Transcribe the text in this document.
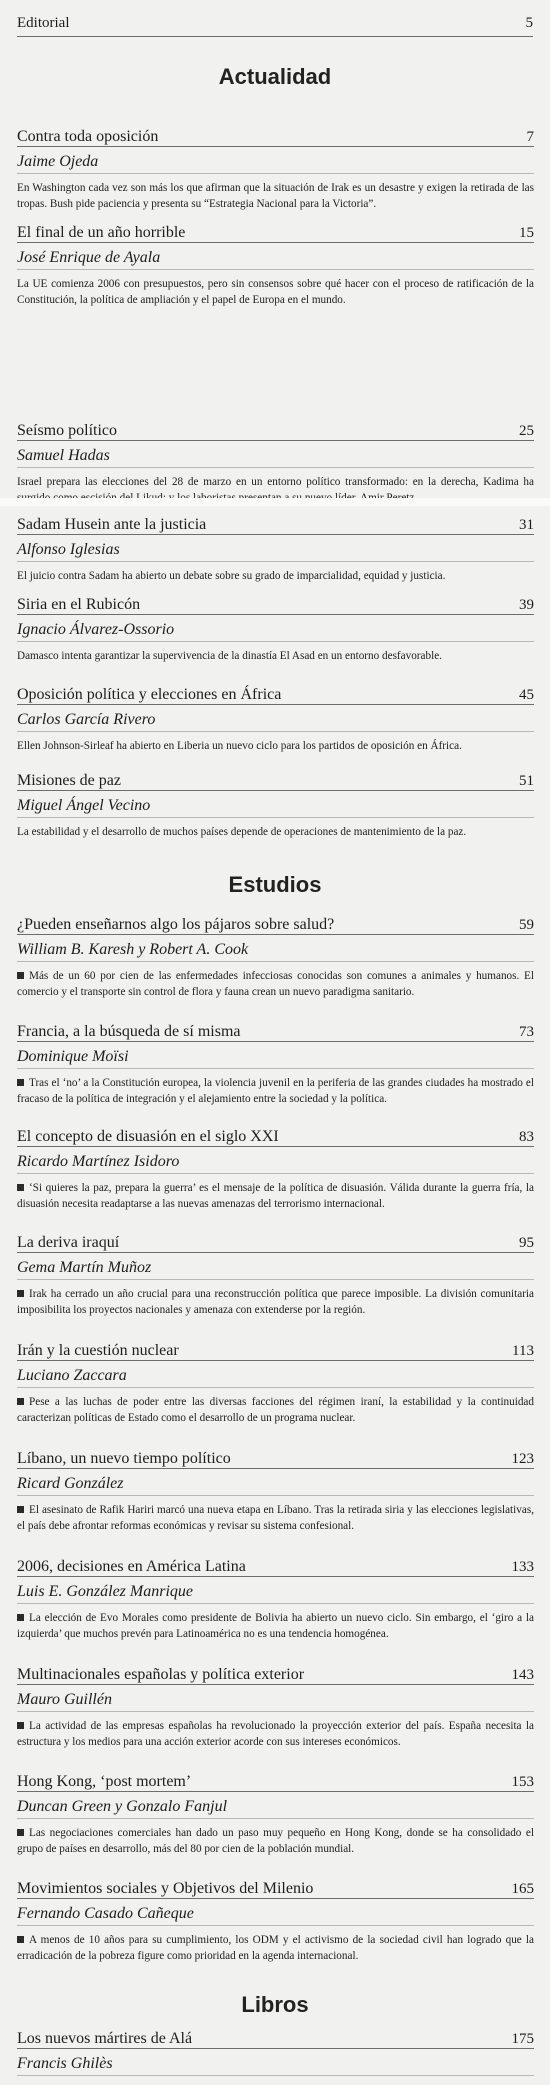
Editorial	5
Actualidad
Contra toda oposición	7
Jaime Ojeda
En Washington cada vez son más los que afirman que la situación de Irak es un desastre y exigen la retirada de las tropas. Bush pide paciencia y presenta su “Estrategia Nacional para la Victoria”.
El final de un año horrible	15
José Enrique de Ayala
La UE comienza 2006 con presupuestos, pero sin consensos sobre qué hacer con el proceso de ratificación de la Constitución, la política de ampliación y el papel de Europa en el mundo.
Seísmo político	25
Samuel Hadas
Israel prepara las elecciones del 28 de marzo en un entorno político transformado: en la derecha, Kadima ha
Sadam Husein ante la justicia	31
Alfonso Iglesias
El juicio contra Sadam ha abierto un debate sobre su grado de imparcialidad, equidad y justicia.
Siria en el Rubicón	39
Ignacio Álvarez-Ossorio
Damasco intenta garantizar la supervivencia de la dinastía El Asad en un entorno desfavorable.
Oposición política y elecciones en África	45
Carlos García Rivero
Ellen Johnson-Sirleaf ha abierto en Liberia un nuevo ciclo para los partidos de oposición en África.
Misiones de paz	51
Miguel Ángel Vecino
La estabilidad y el desarrollo de muchos países depende de operaciones de mantenimiento de la paz.
Estudios
¿Pueden enseñarnos algo los pájaros sobre salud?	59
William B. Karesh y Robert A. Cook
Más de un 60 por cien de las enfermedades infecciosas conocidas son comunes a animales y humanos. El comercio y el transporte sin control de flora y fauna crean un nuevo paradigma sanitario.
Francia, a la búsqueda de sí misma	73
Dominique Moïsi
Tras el ‘no’ a la Constitución europea, la violencia juvenil en la periferia de las grandes ciudades ha mostrado el fracaso de la política de integración y el alejamiento entre la sociedad y la política.
El concepto de disuasión en el siglo XXI	83
Ricardo Martínez Isidoro
‘Si quieres la paz, prepara la guerra’ es el mensaje de la política de disuasión. Válida durante la guerra fría, la disuasión necesita readaptarse a las nuevas amenazas del terrorismo internacional.
La deriva iraquí	95
Gema Martín Muñoz
Irak ha cerrado un año crucial para una reconstrucción política que parece imposible. La división comunitaria imposibilita los proyectos nacionales y amenaza con extenderse por la región.
Irán y la cuestión nuclear	113
Luciano Zaccara
Pese a las luchas de poder entre las diversas facciones del régimen iraní, la estabilidad y la continuidad caracterizan políticas de Estado como el desarrollo de un programa nuclear.
Líbano, un nuevo tiempo político	123
Ricard González
El asesinato de Rafik Hariri marcó una nueva etapa en Líbano. Tras la retirada siria y las elecciones legislativas, el país debe afrontar reformas económicas y revisar su sistema confesional.
2006, decisiones en América Latina	133
Luis E. González Manrique
La elección de Evo Morales como presidente de Bolivia ha abierto un nuevo ciclo. Sin embargo, el ‘giro a la izquierda’ que muchos prevén para Latinoamérica no es una tendencia homogénea.
Multinacionales españolas y política exterior	143
Mauro Guillén
La actividad de las empresas españolas ha revolucionado la proyección exterior del país. España necesita la estructura y los medios para una acción exterior acorde con sus intereses económicos.
Hong Kong, ‘post mortem’	153
Duncan Green y Gonzalo Fanjul
Las negociaciones comerciales han dado un paso muy pequeño en Hong Kong, donde se ha consolidado el grupo de países en desarrollo, más del 80 por cien de la población mundial.
Movimientos sociales y Objetivos del Milenio	165
Fernando Casado Cañeque
A menos de 10 años para su cumplimiento, los ODM y el activismo de la sociedad civil han logrado que la erradicación de la pobreza figure como prioridad en la agenda internacional.
Libros
Los nuevos mártires de Alá	175
Francis Ghilès
